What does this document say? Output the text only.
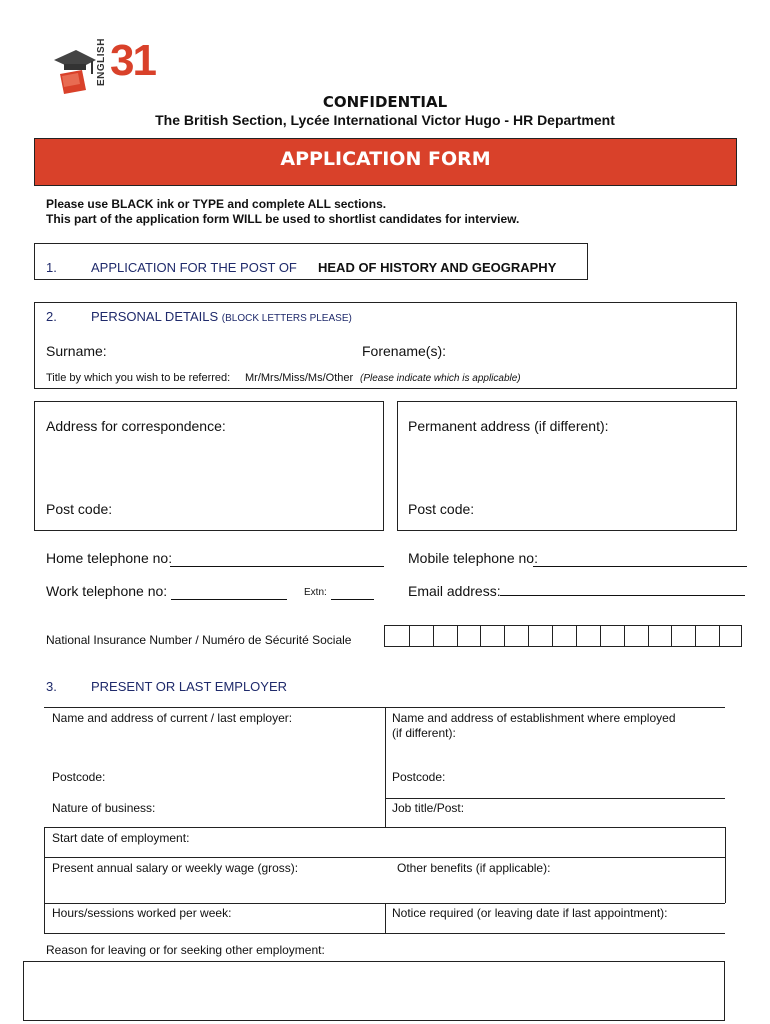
ENGLISH 31
CONFIDENTIAL
The British Section, Lycée International Victor Hugo - HR Department
APPLICATION FORM
Please use BLACK ink or TYPE and complete ALL sections.
This part of the application form WILL be used to shortlist candidates for interview.
1.	APPLICATION FOR THE POST OF HEAD OF HISTORY AND GEOGRAPHY
2.	PERSONAL DETAILS (BLOCK LETTERS PLEASE)
Surname:	Forename(s):
Title by which you wish to be referred: Mr/Mrs/Miss/Ms/Other (Please indicate which is applicable)
Address for correspondence:
Post code:
Permanent address (if different):
Post code:
Home telephone no:	Mobile telephone no:
Work telephone no:	Extn:	Email address:
National Insurance Number / Numéro de Sécurité Sociale
3.	PRESENT OR LAST EMPLOYER
Name and address of current / last employer:	Name and address of establishment where employed
(if different):
Postcode:	Postcode:
Nature of business:	Job title/Post:
Start date of employment:
Present annual salary or weekly wage (gross):	Other benefits (if applicable):
Hours/sessions worked per week:	Notice required (or leaving date if last appointment):
Reason for leaving or for seeking other employment:
